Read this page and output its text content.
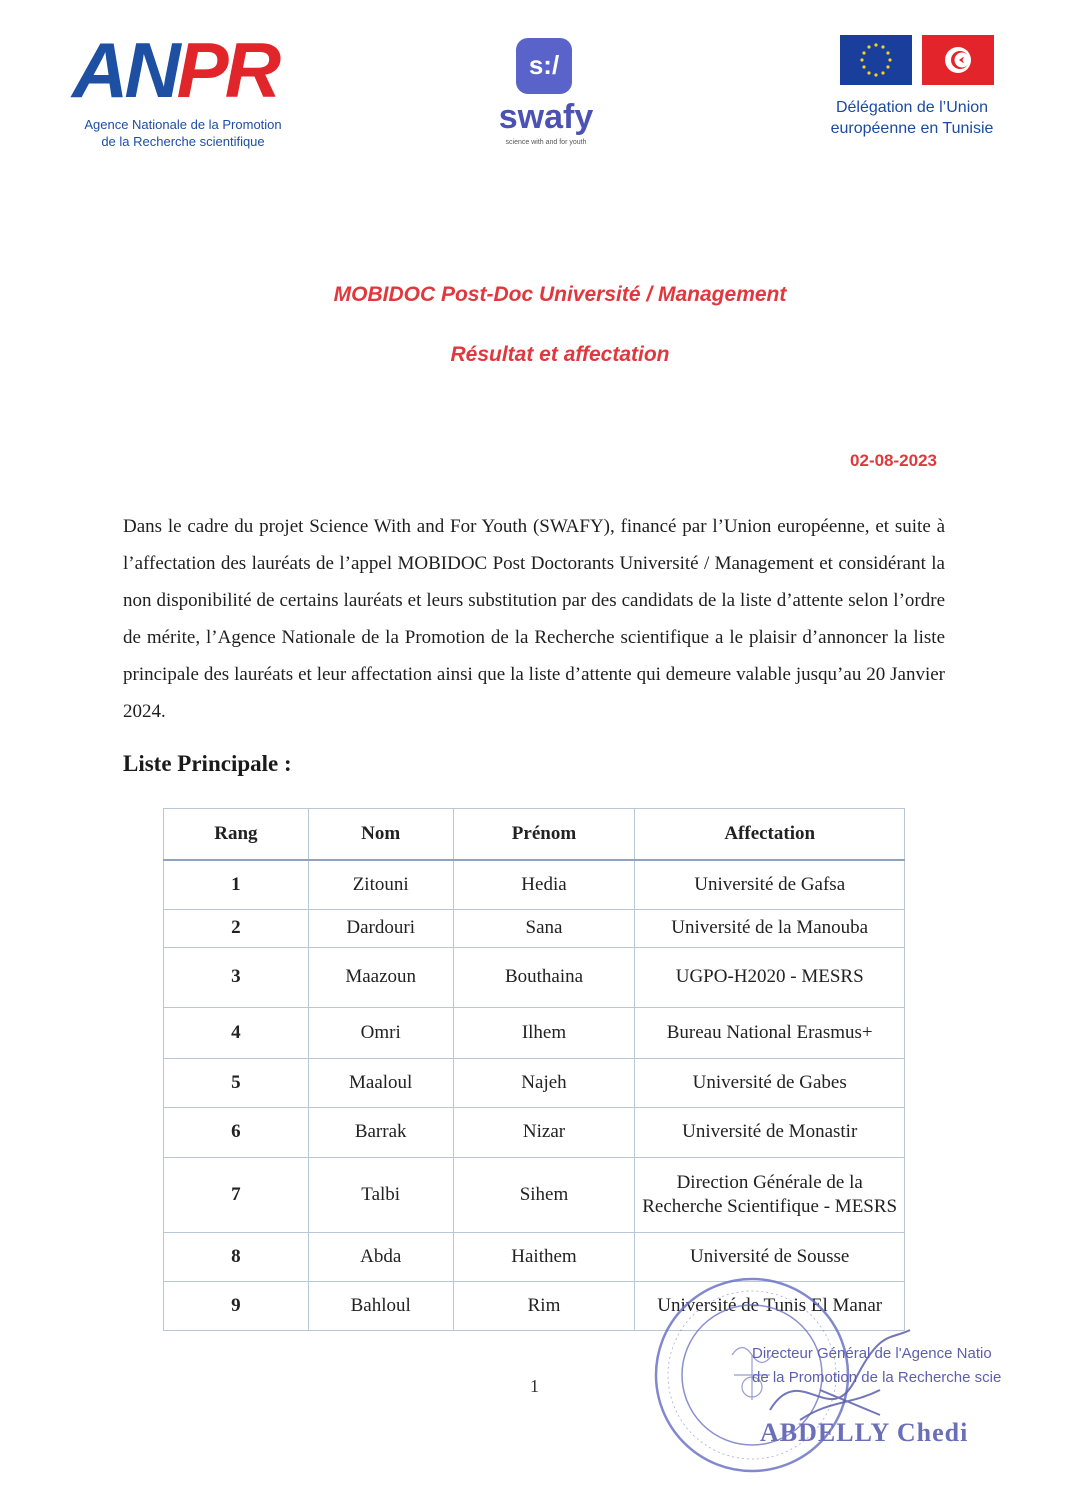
ANPR
Agence Nationale de la Promotion
de la Recherche scientifique
s:/
swafy
science with and for youth
Délégation de l’Union
européenne en Tunisie
MOBIDOC Post-Doc Université / Management
Résultat et affectation
02-08-2023
Dans le cadre du projet Science With and For Youth (SWAFY), financé par l’Union européenne, et suite à l’affectation des lauréats de l’appel MOBIDOC Post Doctorants Université / Management et considérant la non disponibilité de certains lauréats et leurs substitution par des candidats de la liste d’attente selon l’ordre de mérite, l’Agence Nationale de la Promotion de la Recherche scientifique a le plaisir d’annoncer la liste principale des lauréats et leur affectation ainsi que la liste d’attente qui demeure valable jusqu’au 20 Janvier 2024.
Liste Principale :
Rang	Nom	Prénom	Affectation
1	Zitouni	Hedia	Université de Gafsa
2	Dardouri	Sana	Université de la Manouba
3	Maazoun	Bouthaina	UGPO-H2020 - MESRS
4	Omri	Ilhem	Bureau National Erasmus+
5	Maaloul	Najeh	Université de Gabes
6	Barrak	Nizar	Université de Monastir
7	Talbi	Sihem	Direction Générale de la Recherche Scientifique - MESRS
8	Abda	Haithem	Université de Sousse
9	Bahloul	Rim	Université de Tunis El Manar
1
Directeur Général de l'Agence Natio
de la Promotion de la Recherche scie
ABDELLY Chedi
